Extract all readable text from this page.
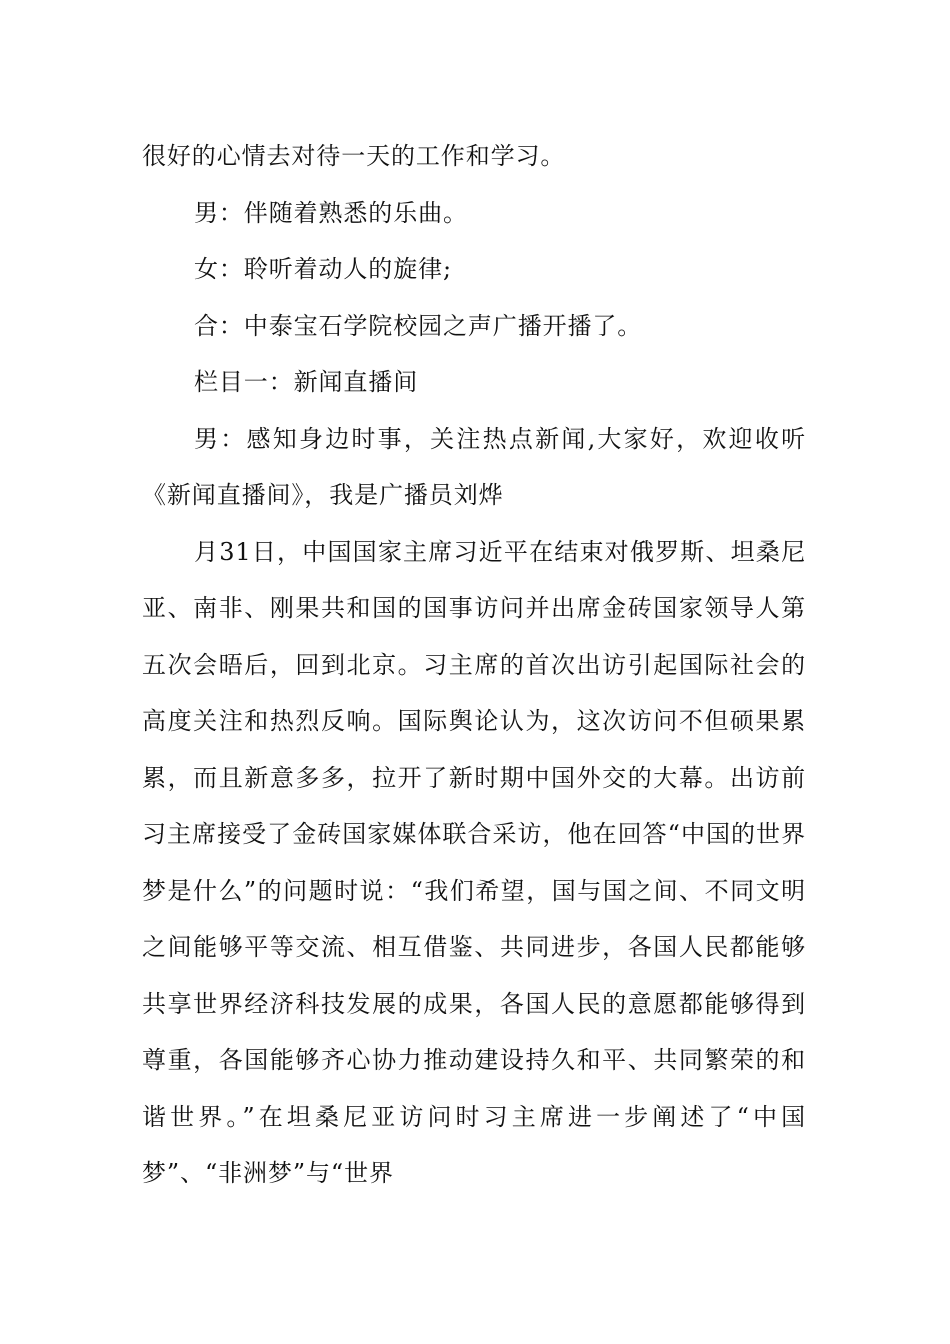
很好的心情去对待一天的工作和学习。

男：伴随着熟悉的乐曲。

女：聆听着动人的旋律;

合：中泰宝石学院校园之声广播开播了。

栏目一：新闻直播间

男：感知身边时事，关注热点新闻,大家好，欢迎收听《新闻直播间》，我是广播员刘烨

月31日，中国国家主席习近平在结束对俄罗斯、坦桑尼亚、南非、刚果共和国的国事访问并出席金砖国家领导人第五次会晤后，回到北京。习主席的首次出访引起国际社会的高度关注和热烈反响。国际舆论认为，这次访问不但硕果累累，而且新意多多，拉开了新时期中国外交的大幕。出访前习主席接受了金砖国家媒体联合采访，他在回答“中国的世界梦是什么”的问题时说：“我们希望，国与国之间、不同文明之间能够平等交流、相互借鉴、共同进步，各国人民都能够共享世界经济科技发展的成果，各国人民的意愿都能够得到尊重，各国能够齐心协力推动建设持久和平、共同繁荣的和谐世界。”在坦桑尼亚访问时习主席进一步阐述了“中国梦”、“非洲梦”与“世界
